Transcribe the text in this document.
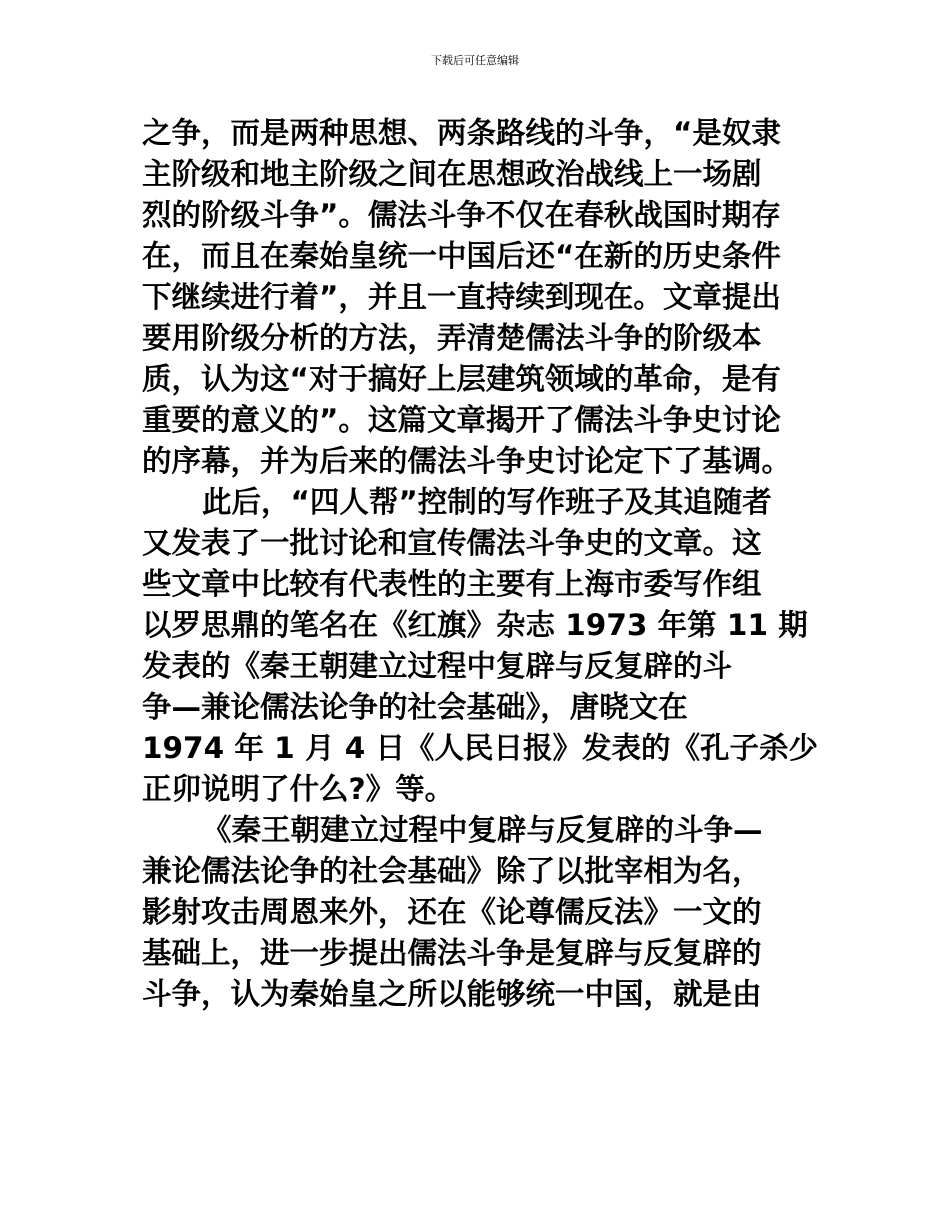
下载后可任意编辑
之争，而是两种思想、两条路线的斗争，“是奴隶
主阶级和地主阶级之间在思想政治战线上一场剧
烈的阶级斗争”。儒法斗争不仅在春秋战国时期存
在，而且在秦始皇统一中国后还“在新的历史条件
下继续进行着”，并且一直持续到现在。文章提出
要用阶级分析的方法，弄清楚儒法斗争的阶级本
质，认为这“对于搞好上层建筑领域的革命，是有
重要的意义的”。这篇文章揭开了儒法斗争史讨论
的序幕，并为后来的儒法斗争史讨论定下了基调。
此后，“四人帮”控制的写作班子及其追随者
又发表了一批讨论和宣传儒法斗争史的文章。这
些文章中比较有代表性的主要有上海市委写作组
以罗思鼎的笔名在《红旗》杂志 1973 年第 11 期
发表的《秦王朝建立过程中复辟与反复辟的斗
争—兼论儒法论争的社会基础》，唐晓文在
1974 年 1 月 4 日《人民日报》发表的《孔子杀少
正卯说明了什么?》等。
《秦王朝建立过程中复辟与反复辟的斗争—
兼论儒法论争的社会基础》除了以批宰相为名，
影射攻击周恩来外，还在《论尊儒反法》一文的
基础上，进一步提出儒法斗争是复辟与反复辟的
斗争，认为秦始皇之所以能够统一中国，就是由
